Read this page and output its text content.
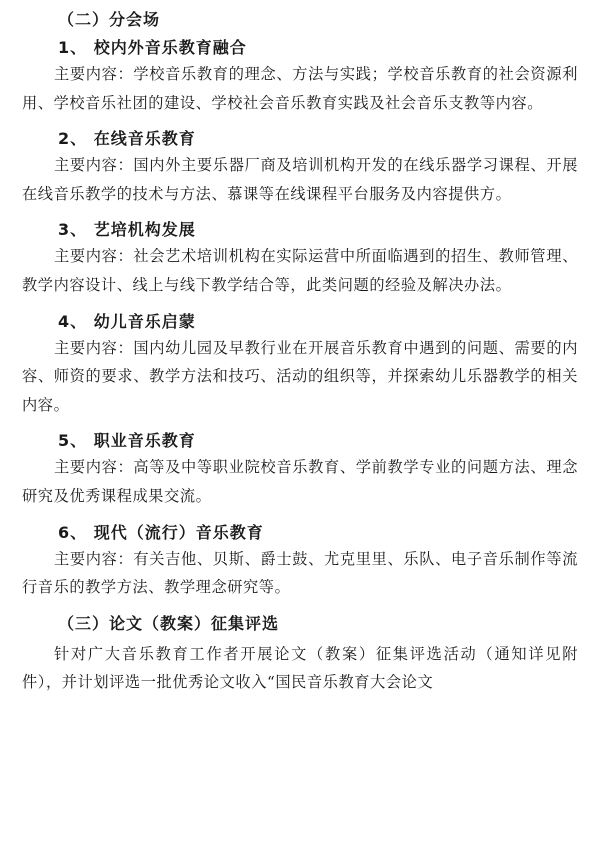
（二）分会场
1、 校内外音乐教育融合

主要内容：学校音乐教育的理念、方法与实践；学校音乐教育的社会资源利用、学校音乐社团的建设、学校社会音乐教育实践及社会音乐支教等内容。

2、 在线音乐教育

主要内容：国内外主要乐器厂商及培训机构开发的在线乐器学习课程、开展在线音乐教学的技术与方法、慕课等在线课程平台服务及内容提供方。

3、 艺培机构发展

主要内容：社会艺术培训机构在实际运营中所面临遇到的招生、教师管理、教学内容设计、线上与线下教学结合等，此类问题的经验及解决办法。

4、 幼儿音乐启蒙

主要内容：国内幼儿园及早教行业在开展音乐教育中遇到的问题、需要的内容、师资的要求、教学方法和技巧、活动的组织等，并探索幼儿乐器教学的相关内容。

5、 职业音乐教育

主要内容：高等及中等职业院校音乐教育、学前教学专业的问题方法、理念研究及优秀课程成果交流。

6、 现代（流行）音乐教育

主要内容：有关吉他、贝斯、爵士鼓、尤克里里、乐队、电子音乐制作等流行音乐的教学方法、教学理念研究等。

（三）论文（教案）征集评选

针对广大音乐教育工作者开展论文（教案）征集评选活动（通知详见附件），并计划评选一批优秀论文收入“国民音乐教育大会论文
